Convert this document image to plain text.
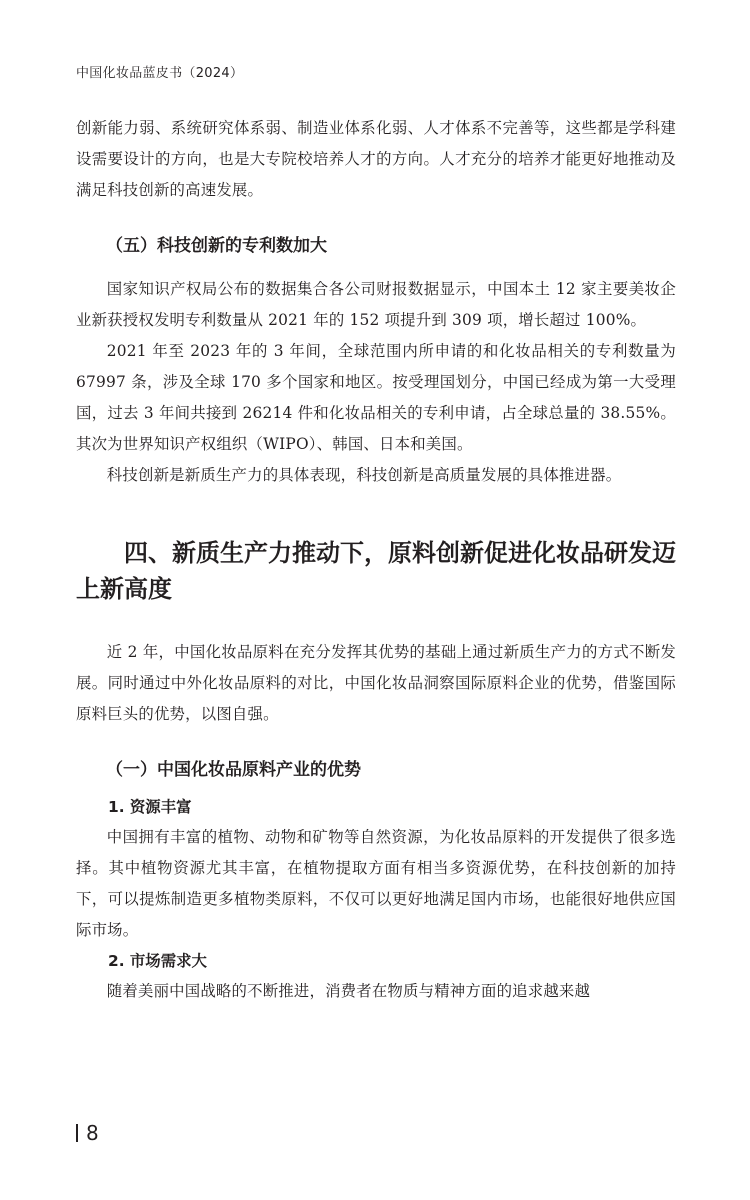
中国化妆品蓝皮书（2024）

创新能力弱、系统研究体系弱、制造业体系化弱、人才体系不完善等，这些都是学科建设需要设计的方向，也是大专院校培养人才的方向。人才充分的培养才能更好地推动及满足科技创新的高速发展。

（五）科技创新的专利数加大

国家知识产权局公布的数据集合各公司财报数据显示，中国本土 12 家主要美妆企业新获授权发明专利数量从 2021 年的 152 项提升到 309 项，增长超过 100%。

2021 年至 2023 年的 3 年间，全球范围内所申请的和化妆品相关的专利数量为 67997 条，涉及全球 170 多个国家和地区。按受理国划分，中国已经成为第一大受理国，过去 3 年间共接到 26214 件和化妆品相关的专利申请，占全球总量的 38.55%。其次为世界知识产权组织（WIPO）、韩国、日本和美国。

科技创新是新质生产力的具体表现，科技创新是高质量发展的具体推进器。

四、新质生产力推动下，原料创新促进化妆品研发迈上新高度

近 2 年，中国化妆品原料在充分发挥其优势的基础上通过新质生产力的方式不断发展。同时通过中外化妆品原料的对比，中国化妆品洞察国际原料企业的优势，借鉴国际原料巨头的优势，以图自强。

（一）中国化妆品原料产业的优势
1. 资源丰富

中国拥有丰富的植物、动物和矿物等自然资源，为化妆品原料的开发提供了很多选择。其中植物资源尤其丰富，在植物提取方面有相当多资源优势，在科技创新的加持下，可以提炼制造更多植物类原料，不仅可以更好地满足国内市场，也能很好地供应国际市场。

2. 市场需求大

随着美丽中国战略的不断推进，消费者在物质与精神方面的追求越来越

8
